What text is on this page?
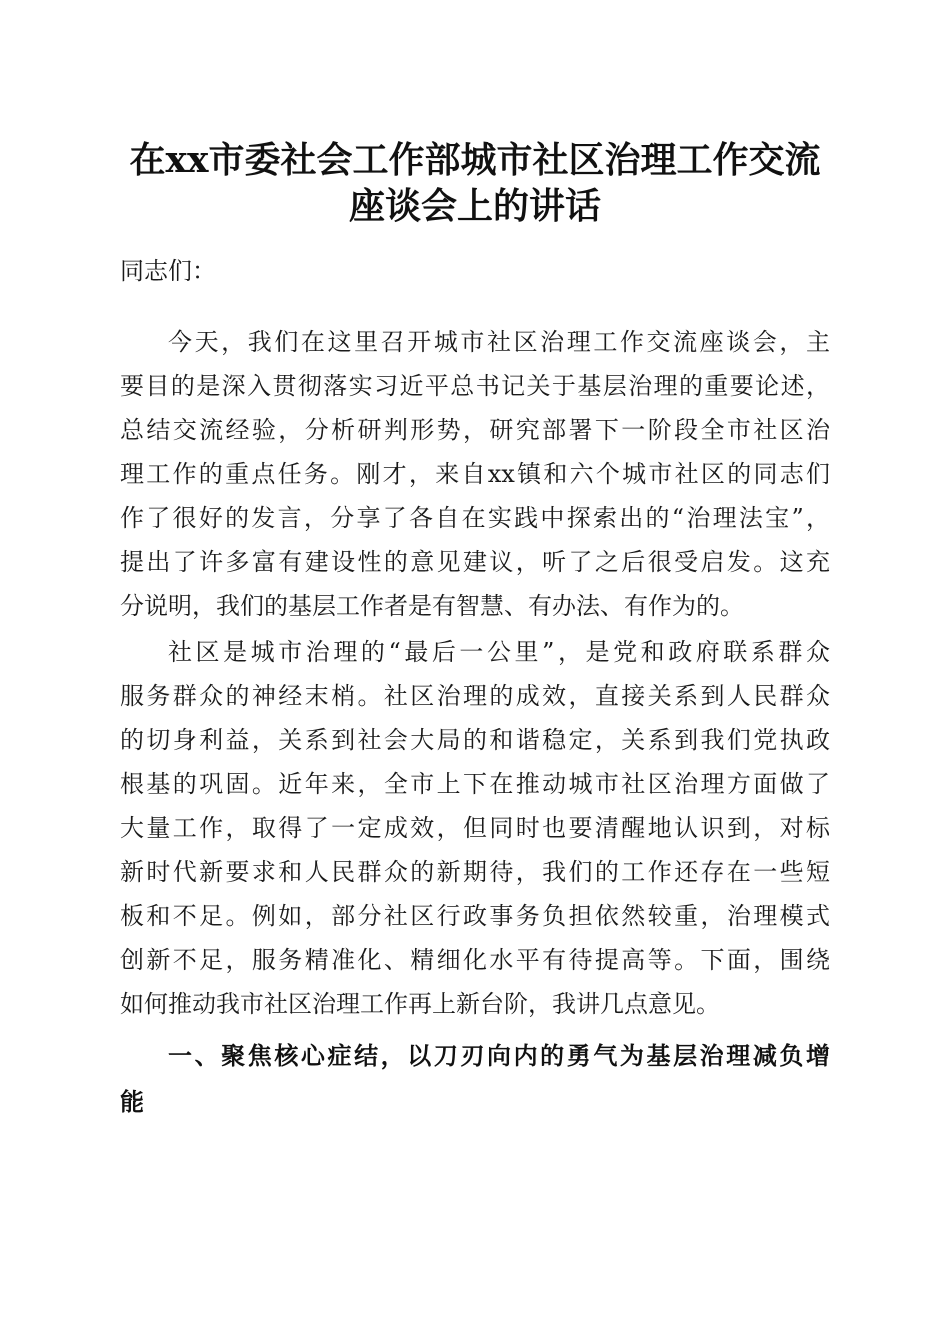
在xx市委社会工作部城市社区治理工作交流
座谈会上的讲话
同志们：
今天，我们在这里召开城市社区治理工作交流座谈会，主
要目的是深入贯彻落实习近平总书记关于基层治理的重要论述，
总结交流经验，分析研判形势，研究部署下一阶段全市社区治
理工作的重点任务。刚才，来自xx镇和六个城市社区的同志们
作了很好的发言，分享了各自在实践中探索出的“治理法宝”，
提出了许多富有建设性的意见建议，听了之后很受启发。这充
分说明，我们的基层工作者是有智慧、有办法、有作为的。
社区是城市治理的“最后一公里”，是党和政府联系群众
服务群众的神经末梢。社区治理的成效，直接关系到人民群众
的切身利益，关系到社会大局的和谐稳定，关系到我们党执政
根基的巩固。近年来，全市上下在推动城市社区治理方面做了
大量工作，取得了一定成效，但同时也要清醒地认识到，对标
新时代新要求和人民群众的新期待，我们的工作还存在一些短
板和不足。例如，部分社区行政事务负担依然较重，治理模式
创新不足，服务精准化、精细化水平有待提高等。下面，围绕
如何推动我市社区治理工作再上新台阶，我讲几点意见。
一、聚焦核心症结，以刀刃向内的勇气为基层治理减负增
能
